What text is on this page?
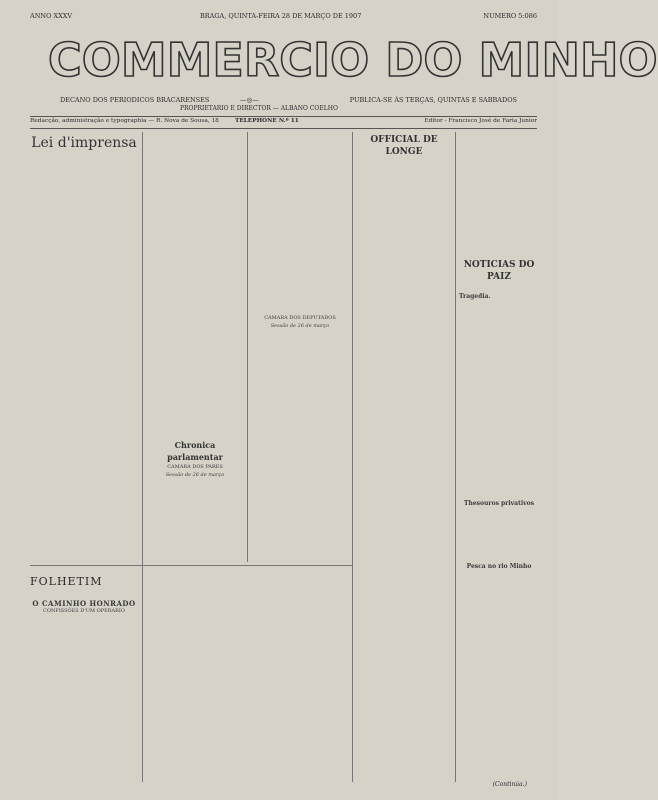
ANNO XXXV	BRAGA, QUINTA-FEIRA 28 DE MARÇO DE 1907	NUMERO 5:086
COMMERCIO DO MINHO
DECANO DOS PERIODICOS BRACARENSES	—◎—	PUBLICA-SE ÁS TERÇAS, QUINTAS E SABBADOS
PROPRIETARIO E DIRECTOR — ALBANO COELHO
Redacção, administração e typographia — R. Nova de Sousa, 18	TELEPHONE N.º 11	Editor - Francisco José de Faria Junior
Lei d'imprensa
Chronica parlamentar
CAMARA DOS PARES
Sessão de 26 de março
CAMARA DOS DEPUTADOS
Sessão de 26 de março
OFFICIAL DE LONGE
NOTICIAS DO PAIZ
Tragedia.
Thesouros privativos
Pesca no rio Minho
FOLHETIM
O CAMINHO HONRADO
CONFISSÕES D'UM OPERARIO
(Continúa.)
